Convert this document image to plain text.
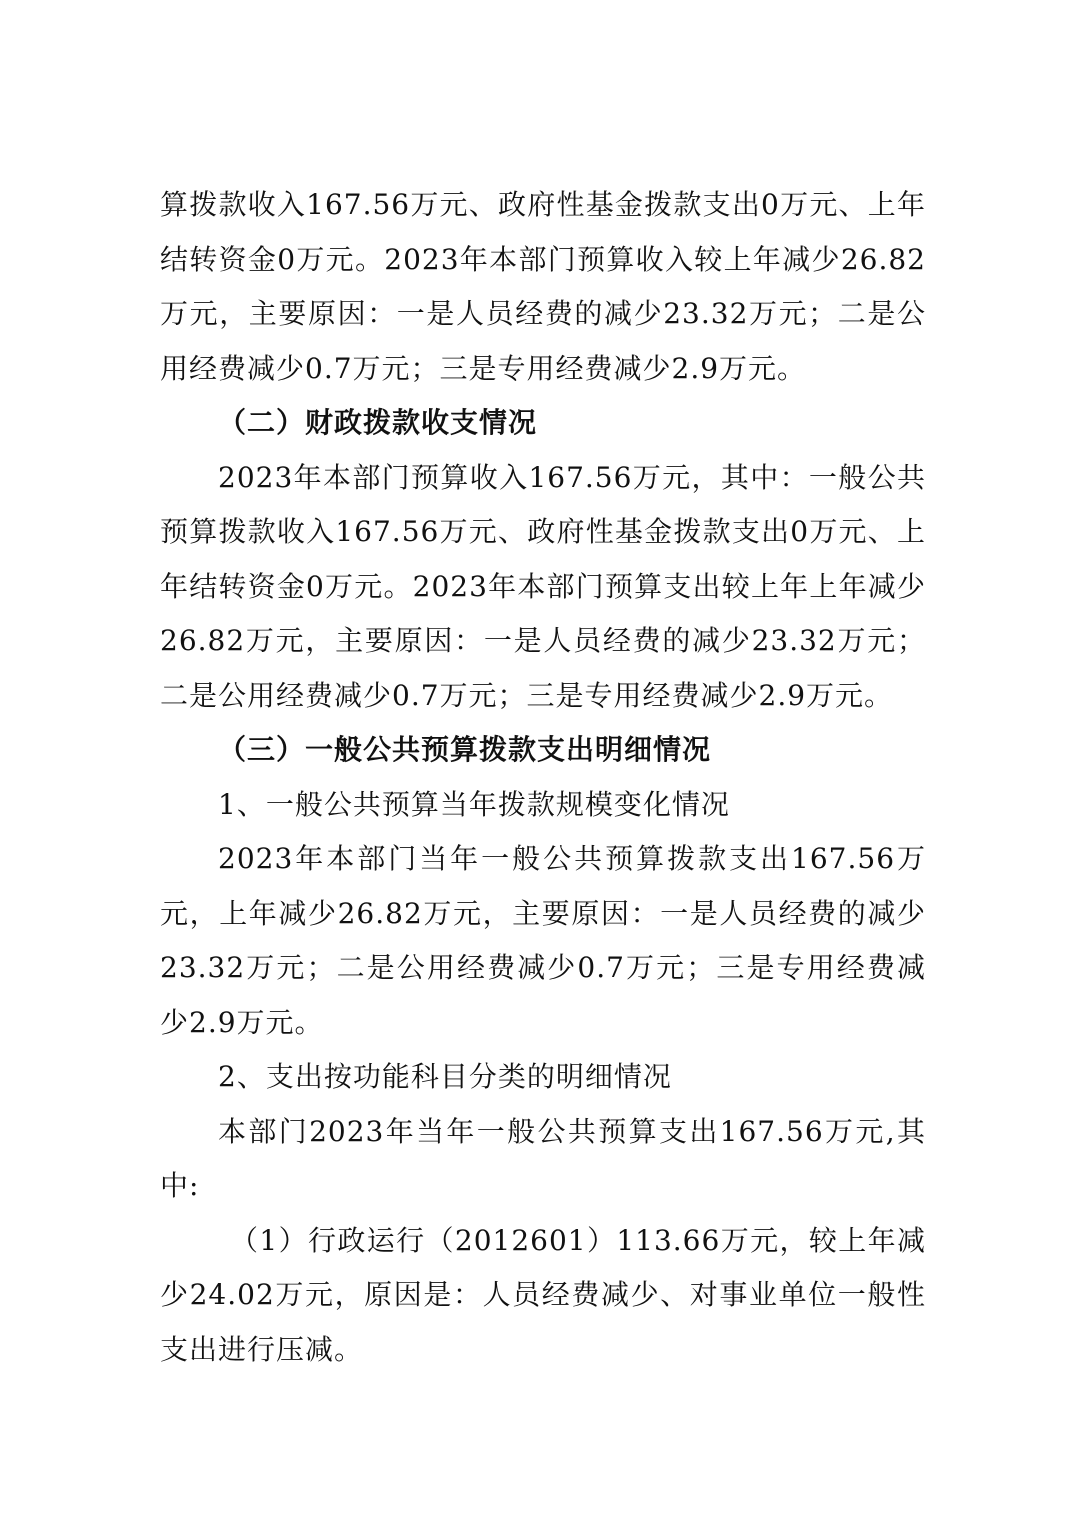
算拨款收入167.56万元、政府性基金拨款支出0万元、上年结转资金0万元。2023年本部门预算收入较上年减少26.82万元，主要原因：一是人员经费的减少23.32万元；二是公用经费减少0.7万元；三是专用经费减少2.9万元。

（二）财政拨款收支情况

2023年本部门预算收入167.56万元，其中：一般公共预算拨款收入167.56万元、政府性基金拨款支出0万元、上年结转资金0万元。2023年本部门预算支出较上年上年减少26.82万元，主要原因：一是人员经费的减少23.32万元；二是公用经费减少0.7万元；三是专用经费减少2.9万元。

（三）一般公共预算拨款支出明细情况

1、一般公共预算当年拨款规模变化情况

2023年本部门当年一般公共预算拨款支出167.56万元，上年减少26.82万元，主要原因：一是人员经费的减少23.32万元；二是公用经费减少0.7万元；三是专用经费减少2.9万元。

2、支出按功能科目分类的明细情况

本部门2023年当年一般公共预算支出167.56万元,其中:

（1）行政运行（2012601）113.66万元，较上年减少24.02万元，原因是：人员经费减少、对事业单位一般性支出进行压减。
